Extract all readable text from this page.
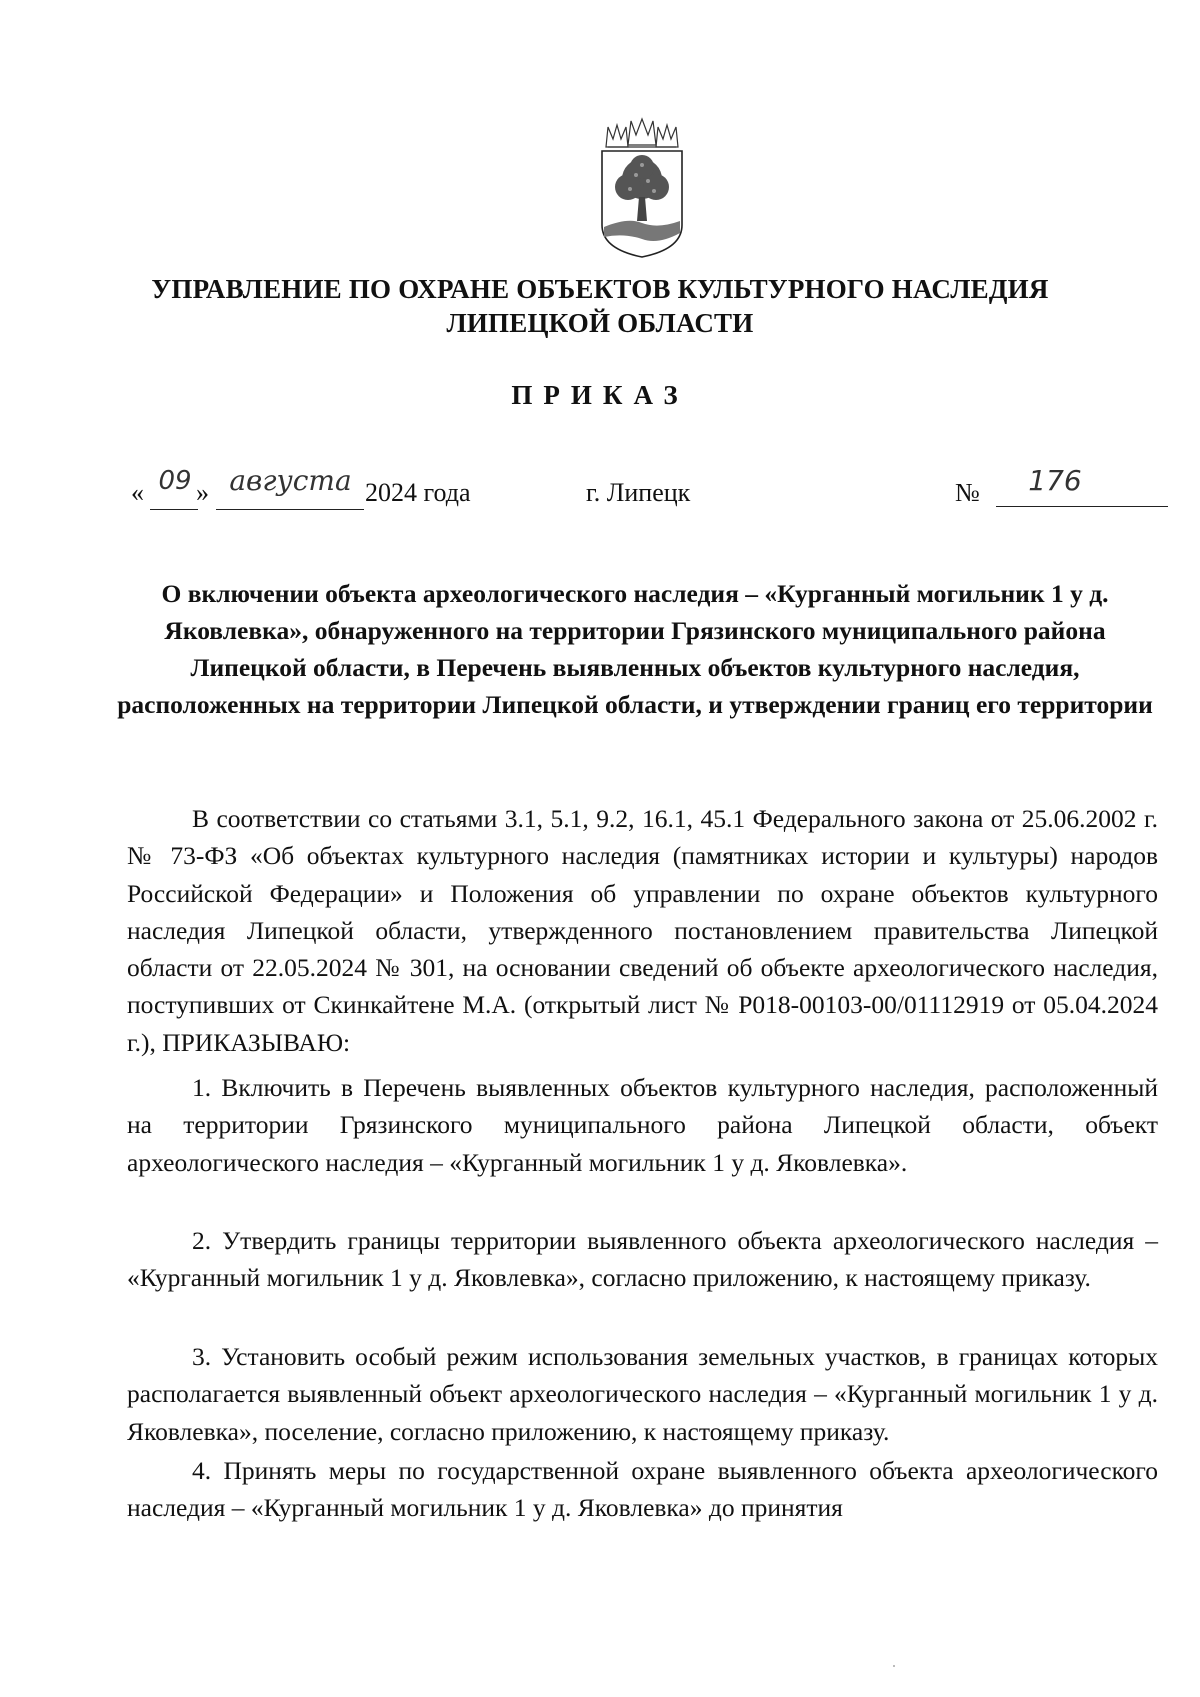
УПРАВЛЕНИЕ ПО ОХРАНЕ ОБЪЕКТОВ КУЛЬТУРНОГО НАСЛЕДИЯ
ЛИПЕЦКОЙ ОБЛАСТИ
ПРИКАЗ
« 09 » августа 2024 года	г. Липецк	№	176
О включении объекта археологического наследия – «Курганный могильник 1 у д. Яковлевка», обнаруженного на территории Грязинского муниципального района Липецкой области, в Перечень выявленных объектов культурного наследия, расположенных на территории Липецкой области, и утверждении границ его территории

В соответствии со статьями 3.1, 5.1, 9.2, 16.1, 45.1 Федерального закона от 25.06.2002 г. № 73-ФЗ «Об объектах культурного наследия (памятниках истории и культуры) народов Российской Федерации» и Положения об управлении по охране объектов культурного наследия Липецкой области, утвержденного постановлением правительства Липецкой области от 22.05.2024 № 301, на основании сведений об объекте археологического наследия, поступивших от Скинкайтене М.А. (открытый лист № Р018-00103-00/01112919 от 05.04.2024 г.), ПРИКАЗЫВАЮ:

1. Включить в Перечень выявленных объектов культурного наследия, расположенный на территории Грязинского муниципального района Липецкой области, объект археологического наследия – «Курганный могильник 1 у д. Яковлевка».

2. Утвердить границы территории выявленного объекта археологического наследия – «Курганный могильник 1 у д. Яковлевка», согласно приложению, к настоящему приказу.

3. Установить особый режим использования земельных участков, в границах которых располагается выявленный объект археологического наследия – «Курганный могильник 1 у д. Яковлевка», поселение, согласно приложению, к настоящему приказу.

4. Принять меры по государственной охране выявленного объекта археологического наследия – «Курганный могильник 1 у д. Яковлевка» до принятия
